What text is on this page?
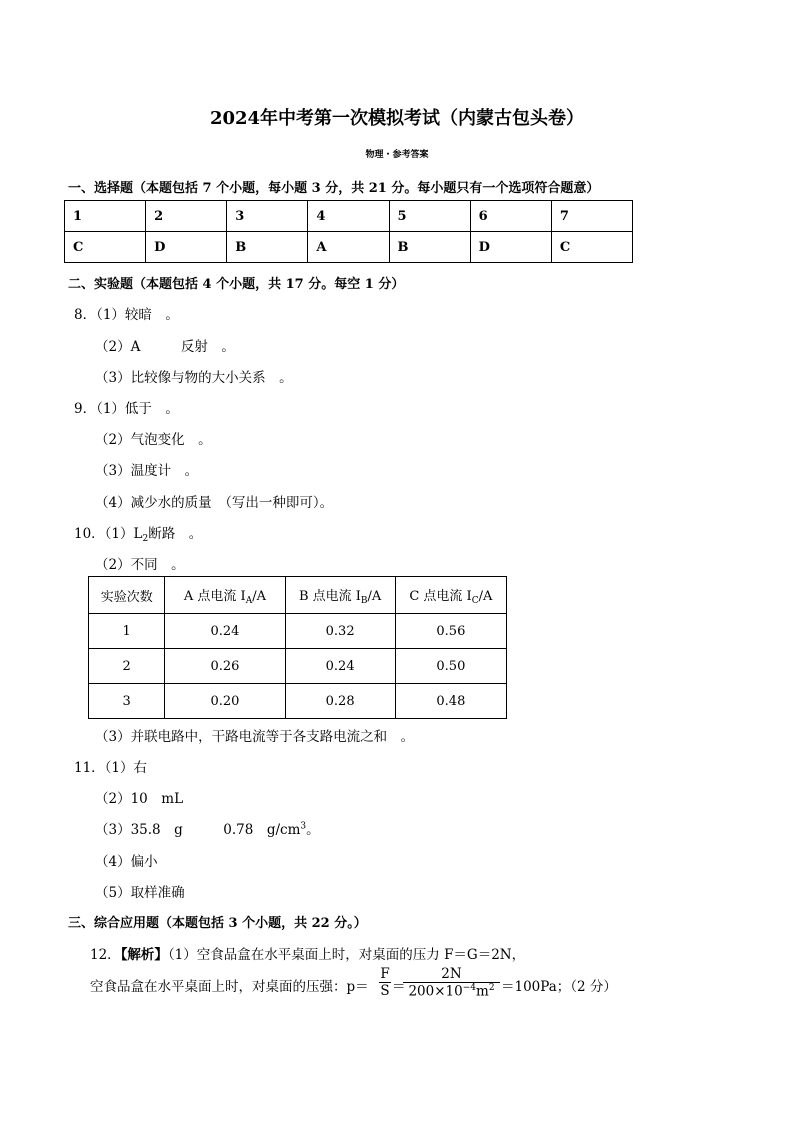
2024年中考第一次模拟考试（内蒙古包头卷）
物理・参考答案
一、选择题（本题包括 7 个小题，每小题 3 分，共 21 分。每小题只有一个选项符合题意）
1	2	3	4	5	6	7
C	D	B	A	B	D	C
二、实验题（本题包括 4 个小题，共 17 分。每空 1 分）
8．（1）较暗　。
（2）A　　　反射　。
（3）比较像与物的大小关系　。
9．（1）低于　。
（2）气泡变化　。
（3）温度计　。
（4）减少水的质量　（写出一种即可）。
10．$(1)L_2$断路　。
（2）不同　。
实验次数	A 点电流 $I_A/A$	B 点电流 $I_B/A$	C 点电流 $I_C/A$
1	0.24	0.32	0.56
2	0.26	0.24	0.50
3	0.20	0.28	0.48
（3）并联电路中，干路电流等于各支路电流之和　。
11．（1）右
（2）10　mL
（3）35.8　g　　　0.78　$g/cm^3$。
（4）偏小
（5）取样准确
三、综合应用题（本题包括 3 个小题，共 22 分。）
12．【解析】（1）空食品盒在水平桌面上时，对桌面的压力 F＝G＝2N，
空食品盒在水平桌面上时，对桌面的压强：$p= \frac{F}{S}$ ＝
$\frac{2N}{200\times 10^{-4}m^2} =100Pa$；（2 分）
